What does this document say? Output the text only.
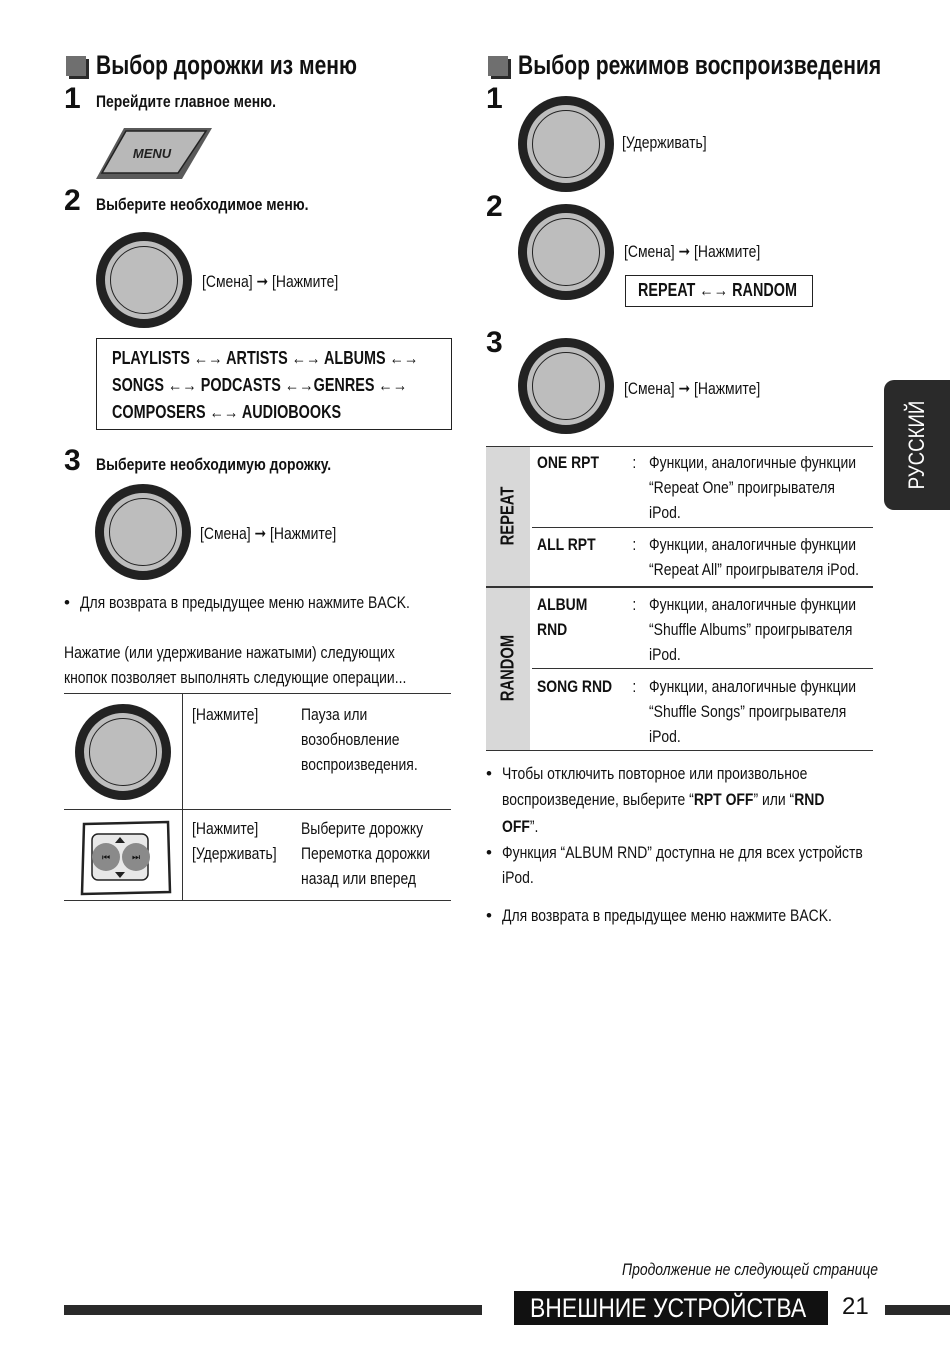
Выбор дорожки из меню
1 Перейдите главное меню.
MENU
2 Выберите необходимое меню.
[Смена] ➞ [Нажмите]
PLAYLISTS ←→ ARTISTS ←→ ALBUMS ←→
SONGS ←→ PODCASTS ←→GENRES ←→
COMPOSERS ←→ AUDIOBOOKS
3 Выберите необходимую дорожку.
[Смена] ➞ [Нажмите]
• Для возврата в предыдущее меню нажмите BACK.
Нажатие (или удерживание нажатыми) следующих
кнопок позволяет выполнять следующие операции...
[Нажмите]	Пауза или
возобновление
воспроизведения.
⏮ ⏭
[Нажмите]
[Удерживать]
Выберите дорожку
Перемотка дорожки
назад или вперед
Выбор режимов воспроизведения
1
[Удерживать]
2
[Смена] ➞ [Нажмите]
REPEAT ←→ RANDOM
3
[Смена] ➞ [Нажмите]
REPEAT
RANDOM
ONE RPT : Функции, аналогичные функции
“Repeat One” проигрывателя
iPod.
ALL RPT : Функции, аналогичные функции
“Repeat All” проигрывателя iPod.
ALBUM
RND
: Функции, аналогичные функции
“Shuffle Albums” проигрывателя
iPod.
SONG RND : Функции, аналогичные функции
“Shuffle Songs” проигрывателя
iPod.
• Чтобы отключить повторное или произвольное
воспроизведение, выберите “RPT OFF” или “RND
OFF”.
• Функция “ALBUM RND” доступна не для всех устройств
iPod.
• Для возврата в предыдущее меню нажмите BACK.
РУССКИЙ
Продолжение не следующей странице
ВНЕШНИЕ УСТРОЙСТВА 21
